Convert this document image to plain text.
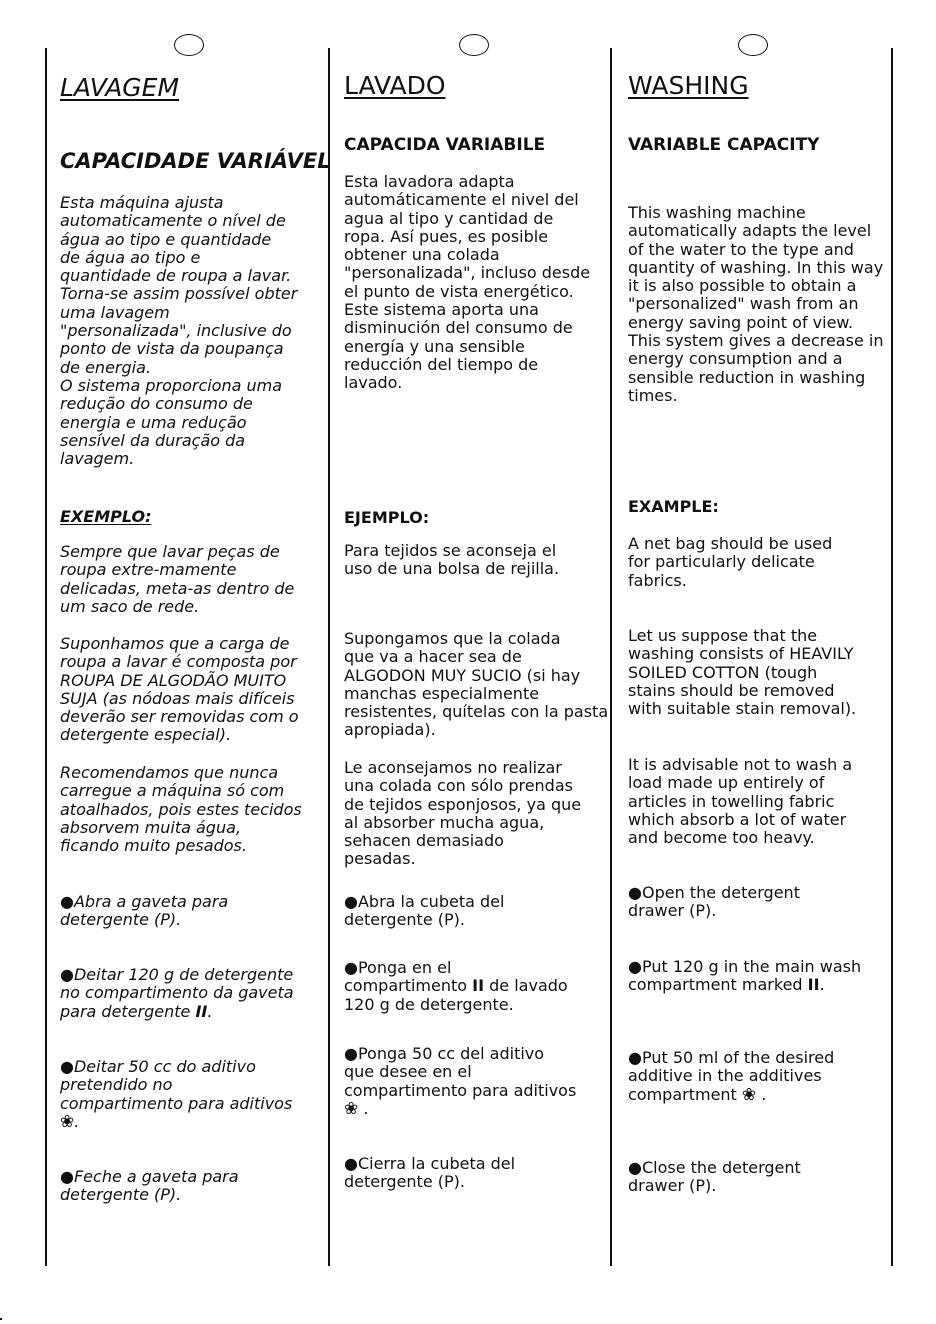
LAVAGEM
CAPACIDADE VARIÁVEL

Esta máquina ajusta
automaticamente o nível de
água ao tipo e quantidade
de água ao tipo e
quantidade de roupa a lavar.
Torna-se assim possível obter
uma lavagem
"personalizada", inclusive do
ponto de vista da poupança
de energia.
O sistema proporciona uma
redução do consumo de
energia e uma redução
sensível da duração da
lavagem.

EXEMPLO:

Sempre que lavar peças de
roupa extre-mamente
delicadas, meta-as dentro de
um saco de rede.

Suponhamos que a carga de
roupa a lavar é composta por
ROUPA DE ALGODÃO MUITO
SUJA (as nódoas mais difíceis
deverão ser removidas com o
detergente especial).

Recomendamos que nunca
carregue a máquina só com
atoalhados, pois estes tecidos
absorvem muita água,
ficando muito pesados.

● Abra a gaveta para
detergente (P).

● Deitar 120 g de detergente
no compartimento da gaveta
para detergente II.

● Deitar 50 cc do aditivo
pretendido no
compartimento para aditivos
❀.

● Feche a gaveta para
detergente (P).

LAVADO
CAPACIDA VARIABILE

Esta lavadora adapta
automáticamente el nivel del
agua al tipo y cantidad de
ropa. Así pues, es posible
obtener una colada
"personalizada", incluso desde
el punto de vista energético.
Este sistema aporta una
disminución del consumo de
energía y una sensible
reducción del tiempo de
lavado.

EJEMPLO:

Para tejidos se aconseja el
uso de una bolsa de rejilla.

Supongamos que la colada
que va a hacer sea de
ALGODON MUY SUCIO (si hay
manchas especialmente
resistentes, quítelas con la pasta
apropiada).

Le aconsejamos no realizar
una colada con sólo prendas
de tejidos esponjosos, ya que
al absorber mucha agua,
sehacen demasiado
pesadas.

● Abra la cubeta del
detergente (P).

● Ponga en el
compartimento II de lavado
120 g de detergente.

● Ponga 50 cc del aditivo
que desee en el
compartimento para aditivos
❀ .

● Cierra la cubeta del
detergente (P).

WASHING
VARIABLE CAPACITY

This washing machine
automatically adapts the level
of the water to the type and
quantity of washing. In this way
it is also possible to obtain a
"personalized" wash from an
energy saving point of view.
This system gives a decrease in
energy consumption and a
sensible reduction in washing
times.

EXAMPLE:

A net bag should be used
for particularly delicate
fabrics.

Let us suppose that the
washing consists of HEAVILY
SOILED COTTON (tough
stains should be removed
with suitable stain removal).

It is advisable not to wash a
load made up entirely of
articles in towelling fabric
which absorb a lot of water
and become too heavy.

● Open the detergent
drawer (P).

● Put 120 g in the main wash
compartment marked II.

● Put 50 ml of the desired
additive in the additives
compartment ❀ .

● Close the detergent
drawer (P).
